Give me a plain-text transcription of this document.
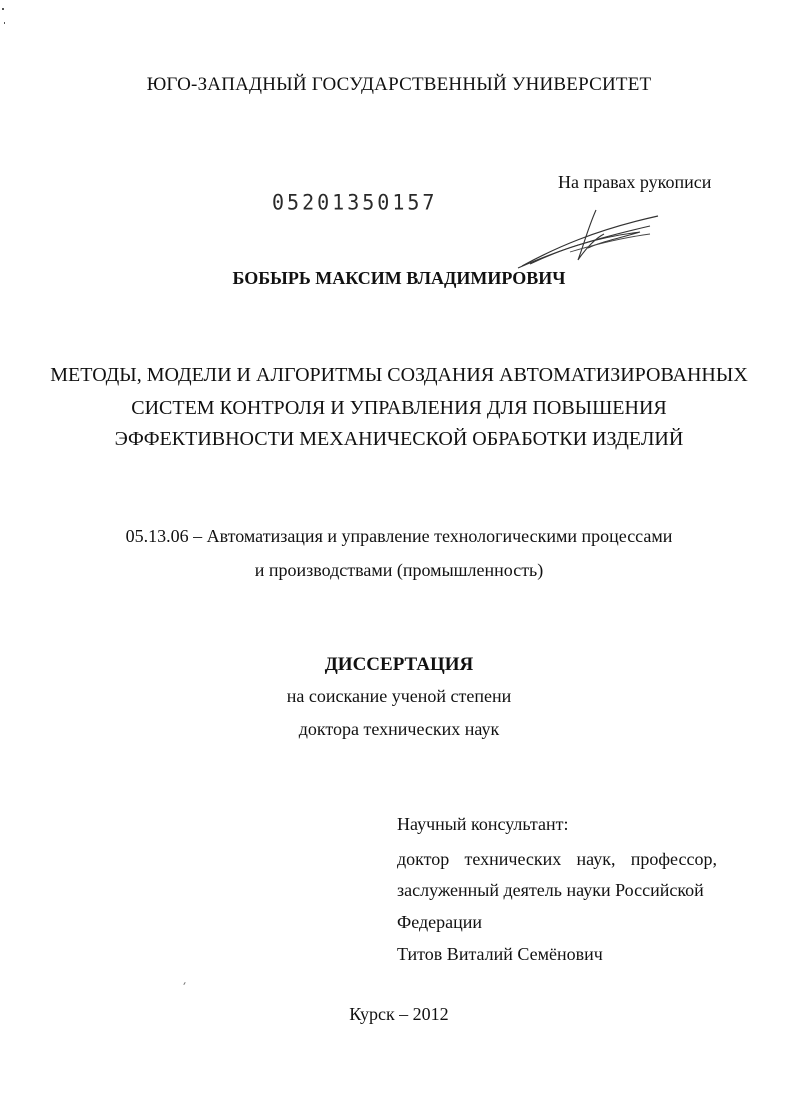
ЮГО-ЗАПАДНЫЙ ГОСУДАРСТВЕННЫЙ УНИВЕРСИТЕТ
На правах рукописи
05201350157
БОБЫРЬ МАКСИМ ВЛАДИМИРОВИЧ
МЕТОДЫ, МОДЕЛИ И АЛГОРИТМЫ СОЗДАНИЯ АВТОМАТИЗИРОВАННЫХ
СИСТЕМ КОНТРОЛЯ И УПРАВЛЕНИЯ ДЛЯ ПОВЫШЕНИЯ
ЭФФЕКТИВНОСТИ МЕХАНИЧЕСКОЙ ОБРАБОТКИ ИЗДЕЛИЙ
05.13.06 – Автоматизация и управление технологическими процессами
и производствами (промышленность)
ДИССЕРТАЦИЯ
на соискание ученой степени
доктора технических наук
Научный консультант:
доктор технических наук, профессор,
заслуженный деятель науки Российской
Федерации
Титов Виталий Семёнович
Курск – 2012
